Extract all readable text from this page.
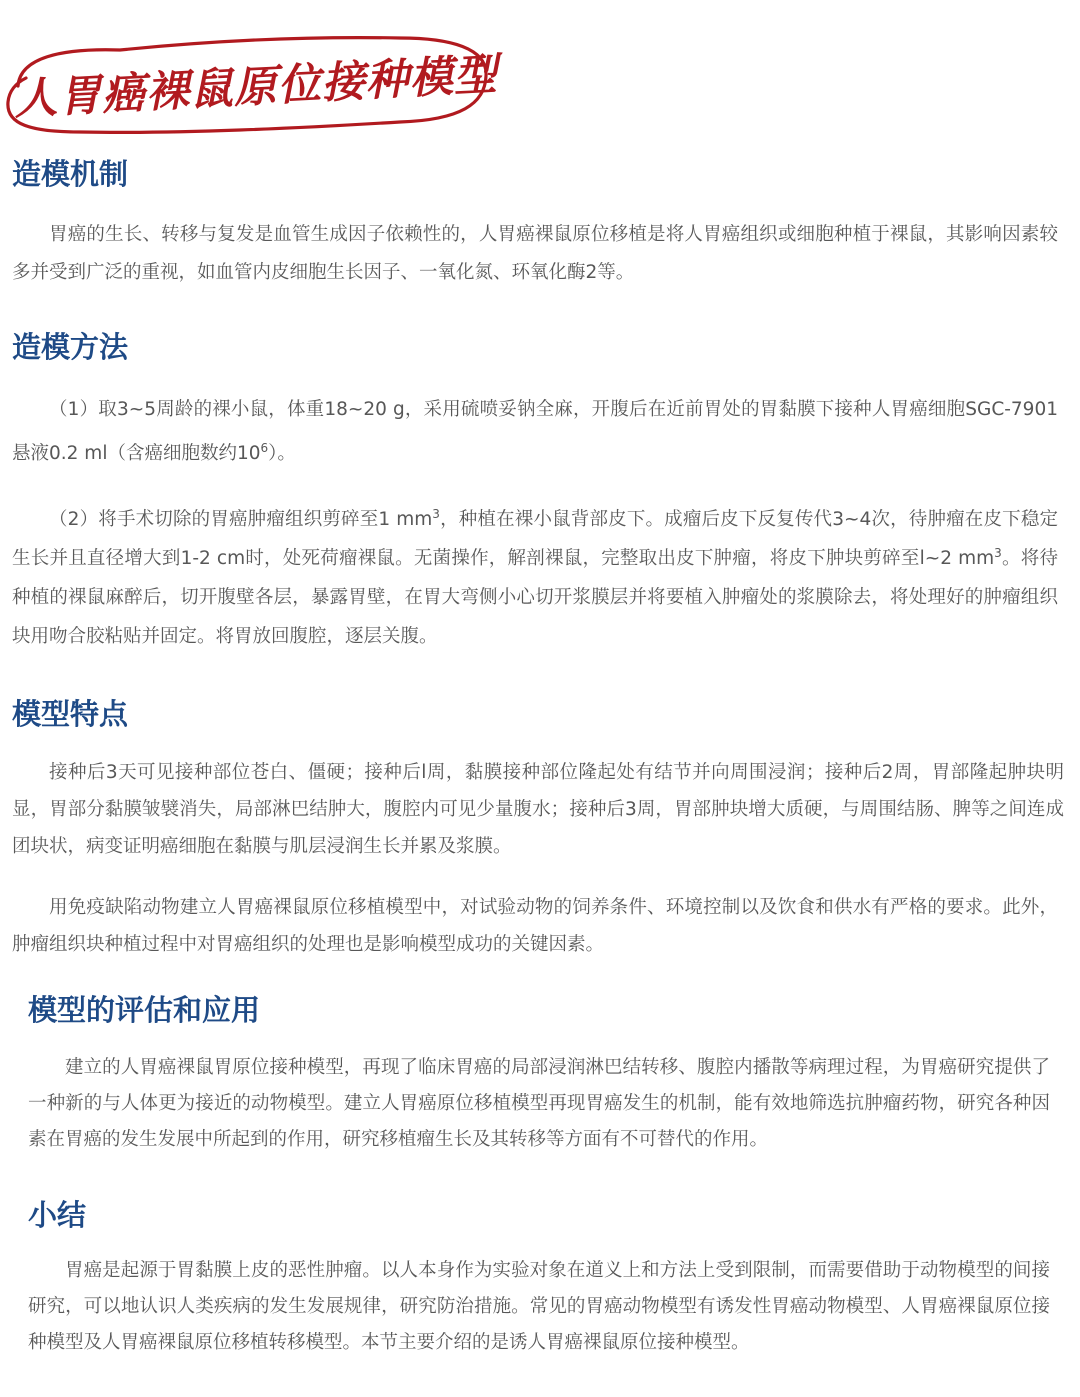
人胃癌裸鼠原位接种模型
造模机制

胃癌的生长、转移与复发是血管生成因子依赖性的，人胃癌裸鼠原位移植是将人胃癌组织或细胞种植于裸鼠，其影响因素较多并受到广泛的重视，如血管内皮细胞生长因子、一氧化氮、环氧化酶2等。

造模方法

（1）取3~5周龄的裸小鼠，体重18~20 g，采用硫喷妥钠全麻，开腹后在近前胃处的胃黏膜下接种人胃癌细胞SGC-7901悬液0.2 ml（含癌细胞数约$10^6$）。

（2）将手术切除的胃癌肿瘤组织剪碎至1 $mm^3$，种植在裸小鼠背部皮下。成瘤后皮下反复传代3~4次，待肿瘤在皮下稳定生长并且直径增大到1-2 cm时，处死荷瘤裸鼠。无菌操作，解剖裸鼠，完整取出皮下肿瘤，将皮下肿块剪碎至l~2 $mm^3$。将待种植的裸鼠麻醉后，切开腹壁各层，暴露胃壁，在胃大弯侧小心切开浆膜层并将要植入肿瘤处的浆膜除去，将处理好的肿瘤组织块用吻合胶粘贴并固定。将胃放回腹腔，逐层关腹。

模型特点

接种后3天可见接种部位苍白、僵硬；接种后l周，黏膜接种部位隆起处有结节并向周围浸润；接种后2周，胃部隆起肿块明显，胃部分黏膜皱襞消失，局部淋巴结肿大，腹腔内可见少量腹水；接种后3周，胃部肿块增大质硬，与周围结肠、脾等之间连成团块状，病变证明癌细胞在黏膜与肌层浸润生长并累及浆膜。

用免疫缺陷动物建立人胃癌裸鼠原位移植模型中，对试验动物的饲养条件、环境控制以及饮食和供水有严格的要求。此外，肿瘤组织块种植过程中对胃癌组织的处理也是影响模型成功的关键因素。

模型的评估和应用

建立的人胃癌裸鼠胃原位接种模型，再现了临床胃癌的局部浸润淋巴结转移、腹腔内播散等病理过程，为胃癌研究提供了一种新的与人体更为接近的动物模型。建立人胃癌原位移植模型再现胃癌发生的机制，能有效地筛选抗肿瘤药物，研究各种因素在胃癌的发生发展中所起到的作用，研究移植瘤生长及其转移等方面有不可替代的作用。

小结

胃癌是起源于胃黏膜上皮的恶性肿瘤。以人本身作为实验对象在道义上和方法上受到限制，而需要借助于动物模型的间接研究，可以地认识人类疾病的发生发展规律，研究防治措施。常见的胃癌动物模型有诱发性胃癌动物模型、人胃癌裸鼠原位接种模型及人胃癌裸鼠原位移植转移模型。本节主要介绍的是诱人胃癌裸鼠原位接种模型。
